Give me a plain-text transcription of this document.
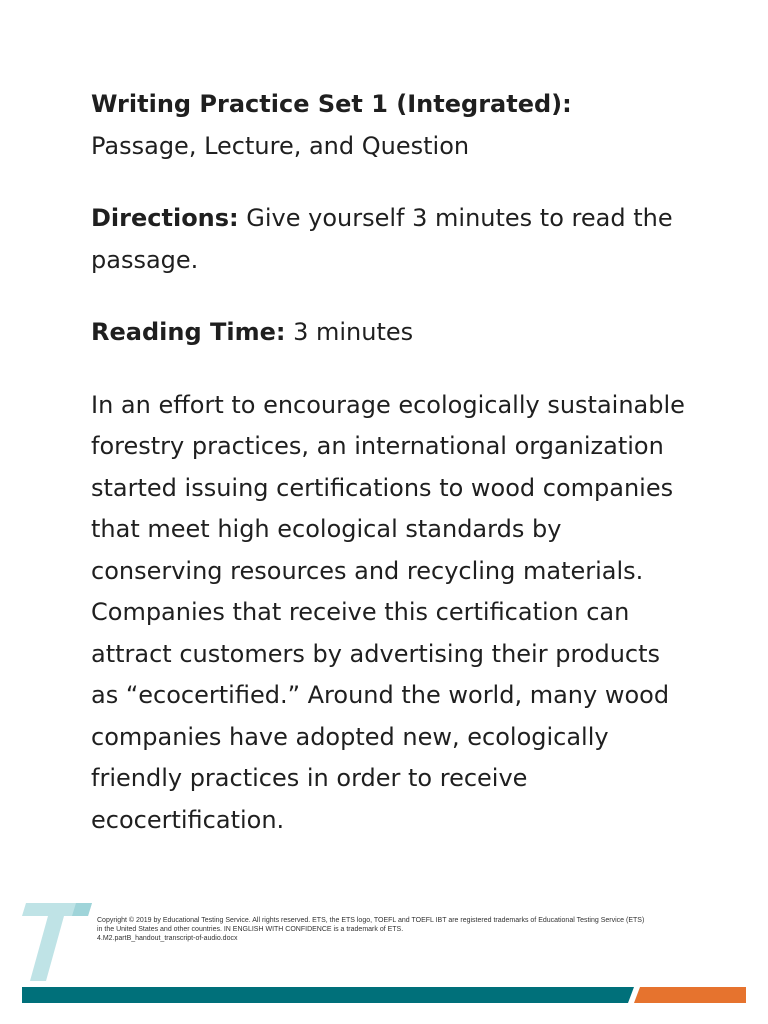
Writing Practice Set 1 (Integrated):

Passage, Lecture, and Question

Directions: Give yourself 3 minutes to read the passage.

Reading Time: 3 minutes

In an effort to encourage ecologically sustainable forestry practices, an international organization started issuing certifications to wood companies that meet high ecological standards by conserving resources and recycling materials. Companies that receive this certification can attract customers by advertising their products as “ecocertified.” Around the world, many wood companies have adopted new, ecologically friendly practices in order to receive ecocertification.

Copyright © 2019 by Educational Testing Service. All rights reserved. ETS, the ETS logo, TOEFL and TOEFL IBT are registered trademarks of Educational Testing Service (ETS)
in the United States and other countries. IN ENGLISH WITH CONFIDENCE is a trademark of ETS.
4.M2.partB_handout_transcript-of-audio.docx
